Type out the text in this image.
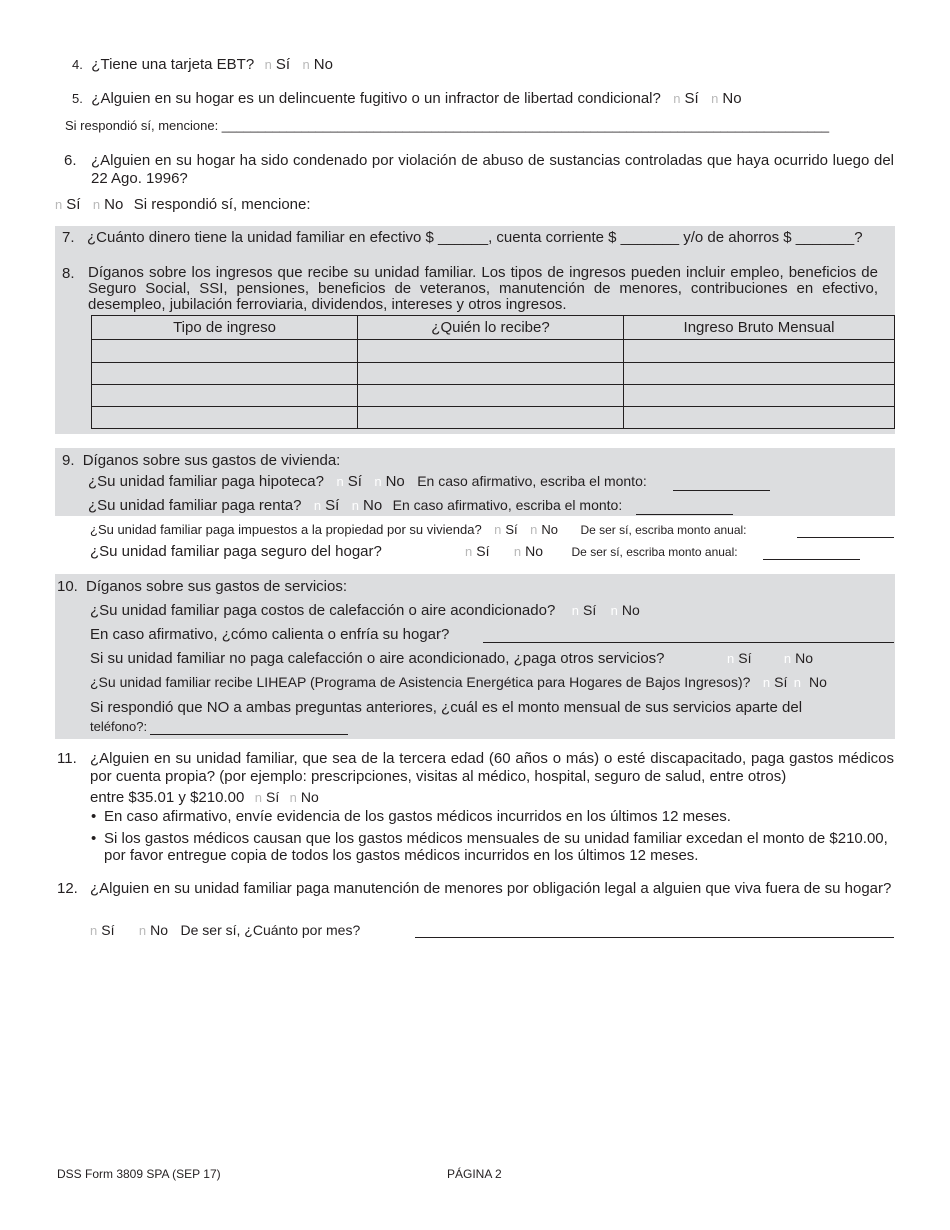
4. ¿Tiene una tarjeta EBT? n Sí n No
5. ¿Alguien en su hogar es un delincuente fugitivo o un infractor de libertad condicional? n Sí n No
Si respondió sí, mencione: ____________________________________________________________________________________
6. ¿Alguien en su hogar ha sido condenado por violación de abuso de sustancias controladas que haya ocurrido luego del 22 Ago. 1996?
n Sí n No Si respondió sí, mencione:
7. ¿Cuánto dinero tiene la unidad familiar en efectivo $ ______, cuenta corriente $ _______ y/o de ahorros $ _______?
8. Díganos sobre los ingresos que recibe su unidad familiar. Los tipos de ingresos pueden incluir empleo, beneficios de Seguro Social, SSI, pensiones, beneficios de veteranos, manutención de menores, contribuciones en efectivo, desempleo, jubilación ferroviaria, dividendos, intereses y otros ingresos.
Tipo de ingreso	¿Quién lo recibe?	Ingreso Bruto Mensual

9. Díganos sobre sus gastos de vivienda:
¿Su unidad familiar paga hipoteca? n Sí n No En caso afirmativo, escriba el monto:
¿Su unidad familiar paga renta? n Sí n No En caso afirmativo, escriba el monto:
¿Su unidad familiar paga impuestos a la propiedad por su vivienda? n Sí n No De ser sí, escriba monto anual:
¿Su unidad familiar paga seguro del hogar?	n Sí n No De ser sí, escriba monto anual:
10. Díganos sobre sus gastos de servicios:
¿Su unidad familiar paga costos de calefacción o aire acondicionado? n Sí n No
En caso afirmativo, ¿cómo calienta o enfría su hogar?
Si su unidad familiar no paga calefacción o aire acondicionado, ¿paga otros servicios?	n Sí n No
¿Su unidad familiar recibe LIHEAP (Programa de Asistencia Energética para Hogares de Bajos Ingresos)? n Sí n No
Si respondió que NO a ambas preguntas anteriores, ¿cuál es el monto mensual de sus servicios aparte del
teléfono?:
11. ¿Alguien en su unidad familiar, que sea de la tercera edad (60 años o más) o esté discapacitado, paga gastos médicos por cuenta propia? (por ejemplo: prescripciones, visitas al médico, hospital, seguro de salud, entre otros)
entre $35.01 y $210.00 n Sí n No
• En caso afirmativo, envíe evidencia de los gastos médicos incurridos en los últimos 12 meses.
• Si los gastos médicos causan que los gastos médicos mensuales de su unidad familiar excedan el monto de $210.00, por favor entregue copia de todos los gastos médicos incurridos en los últimos 12 meses.
12. ¿Alguien en su unidad familiar paga manutención de menores por obligación legal a alguien que viva fuera de su hogar?
n Sí n No De ser sí, ¿Cuánto por mes?
DSS Form 3809 SPA (SEP 17)	PÁGINA 2
